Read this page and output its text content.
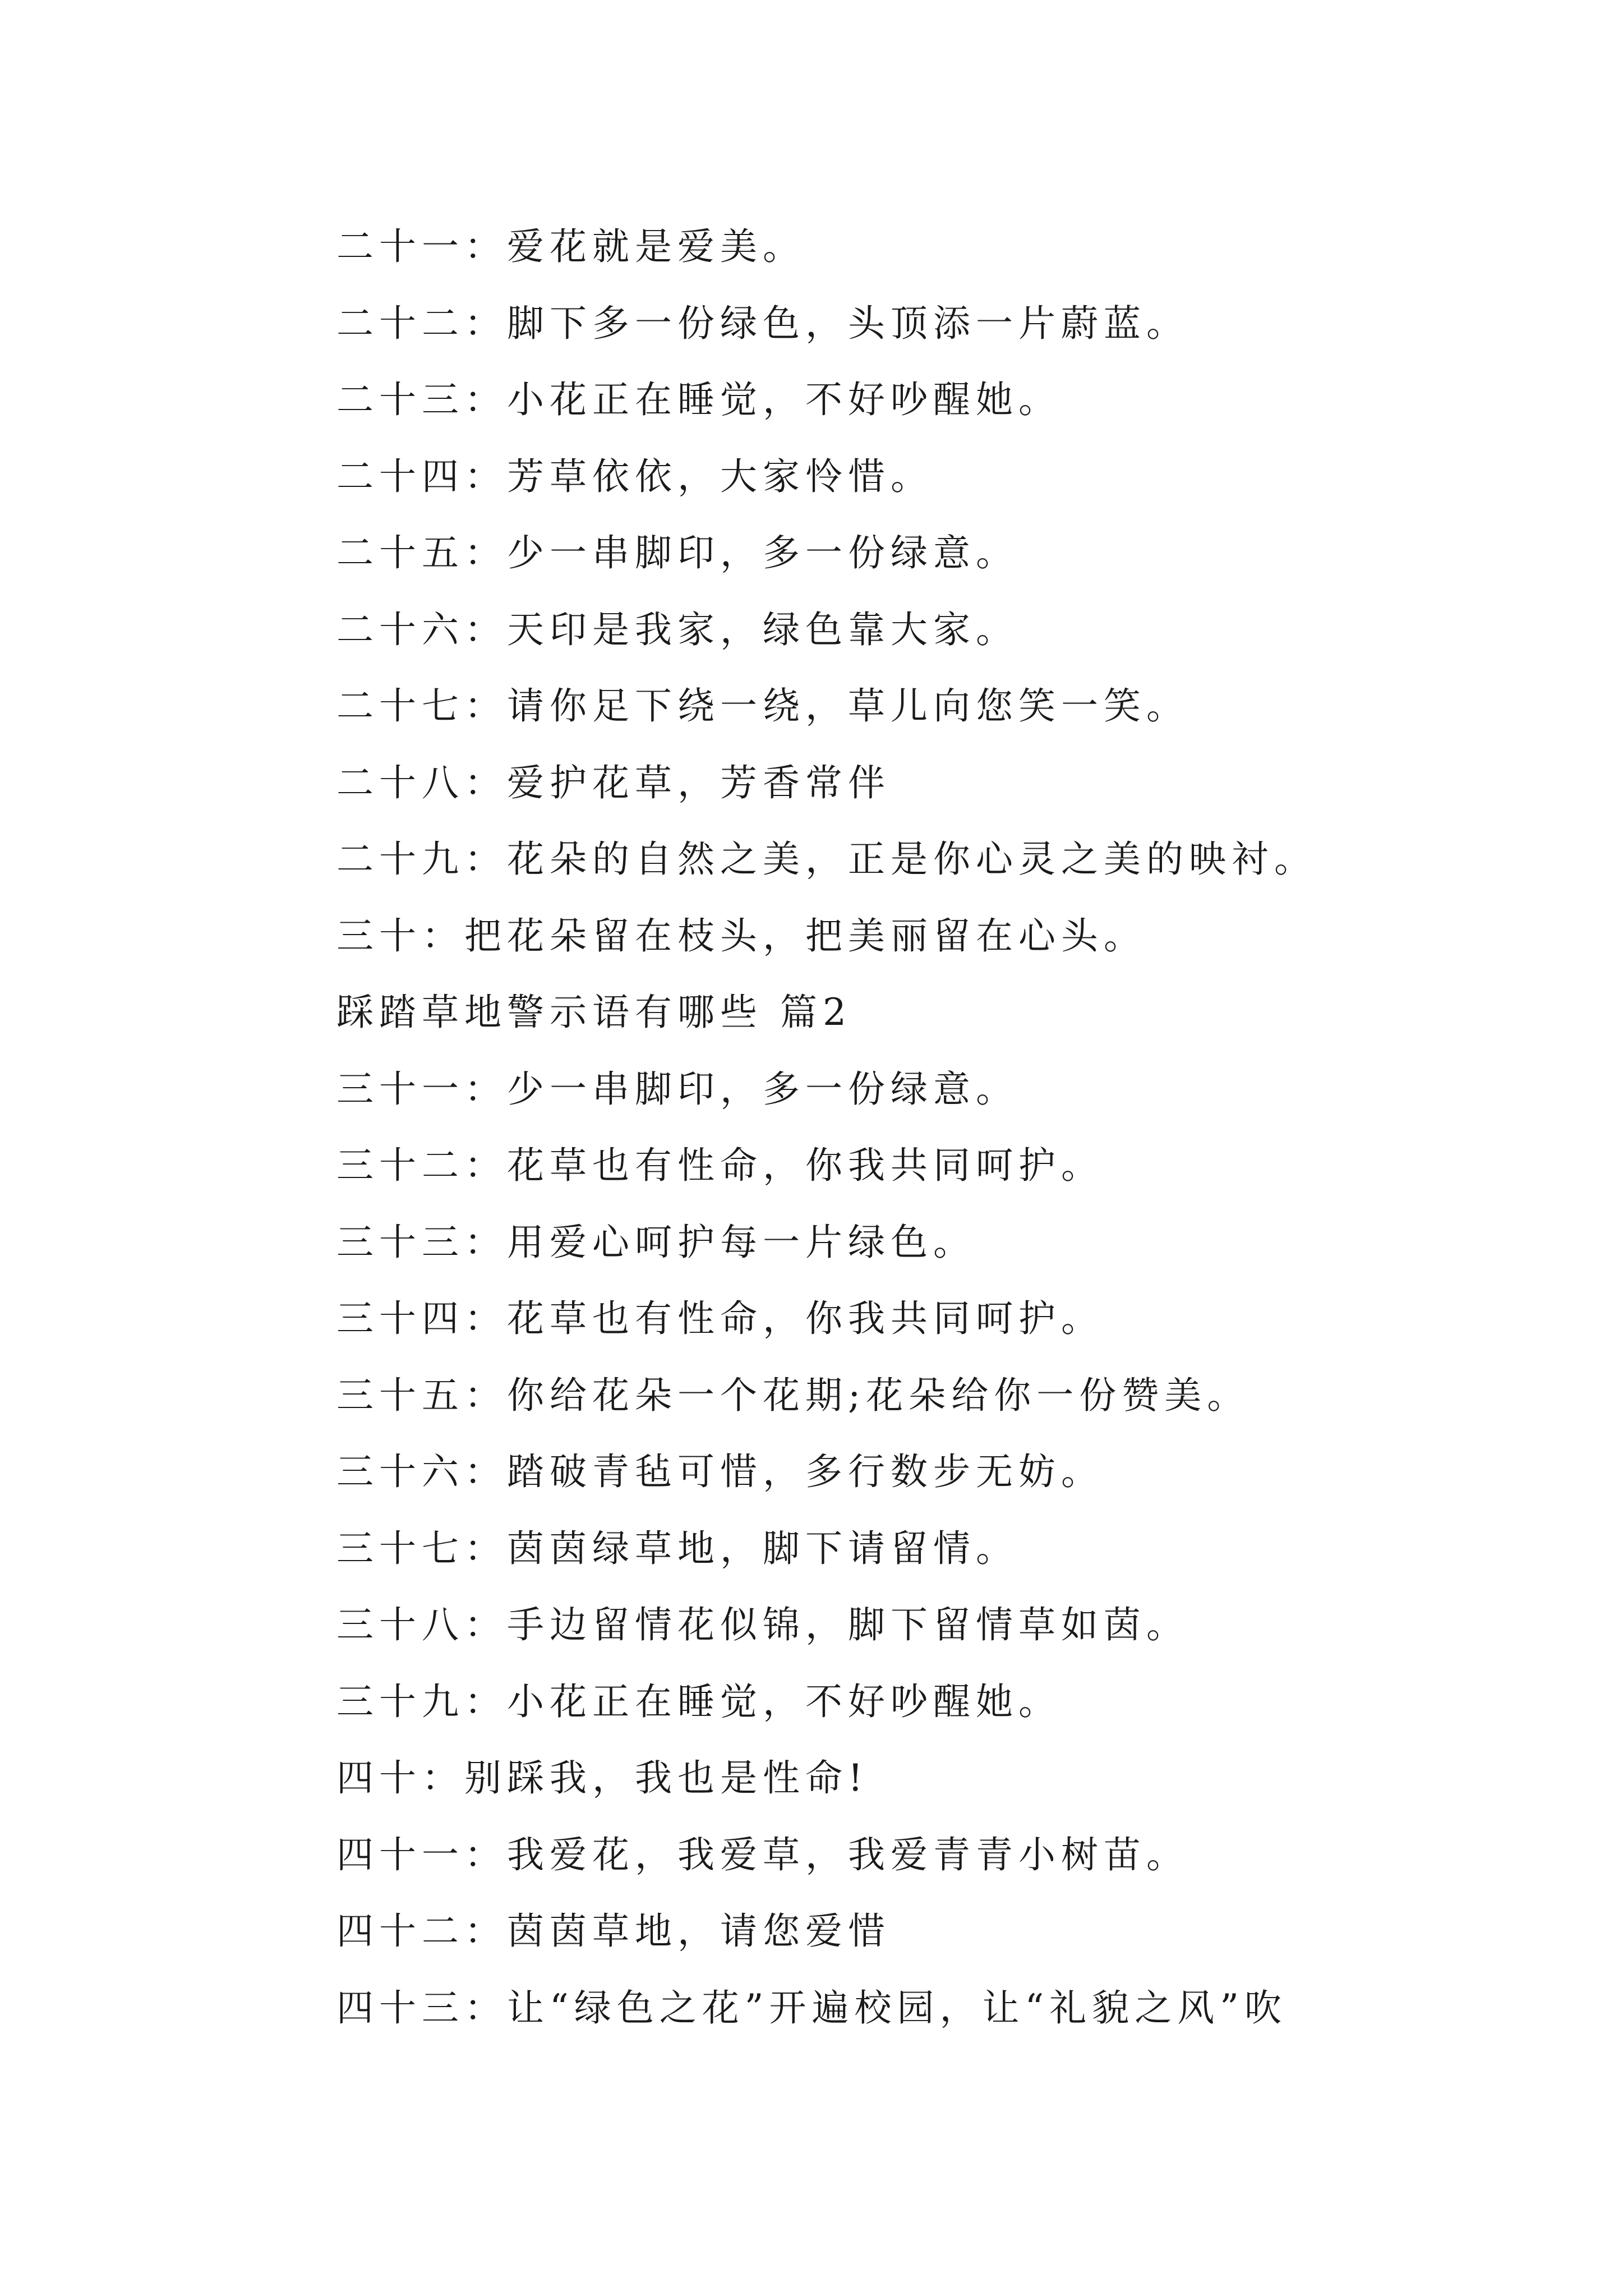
二十一：爱花就是爱美。
二十二：脚下多一份绿色，头顶添一片蔚蓝。
二十三：小花正在睡觉，不好吵醒她。
二十四：芳草依依，大家怜惜。
二十五：少一串脚印，多一份绿意。
二十六：天印是我家，绿色靠大家。
二十七：请你足下绕一绕，草儿向您笑一笑。
二十八：爱护花草，芳香常伴
二十九：花朵的自然之美，正是你心灵之美的映衬。
三十：把花朵留在枝头，把美丽留在心头。
踩踏草地警示语有哪些 篇2
三十一：少一串脚印，多一份绿意。
三十二：花草也有性命，你我共同呵护。
三十三：用爱心呵护每一片绿色。
三十四：花草也有性命，你我共同呵护。
三十五：你给花朵一个花期;花朵给你一份赞美。
三十六：踏破青毡可惜，多行数步无妨。
三十七：茵茵绿草地，脚下请留情。
三十八：手边留情花似锦，脚下留情草如茵。
三十九：小花正在睡觉，不好吵醒她。
四十：别踩我，我也是性命!
四十一：我爱花，我爱草，我爱青青小树苗。
四十二：茵茵草地，请您爱惜
四十三：让“绿色之花”开遍校园，让“礼貌之风”吹
